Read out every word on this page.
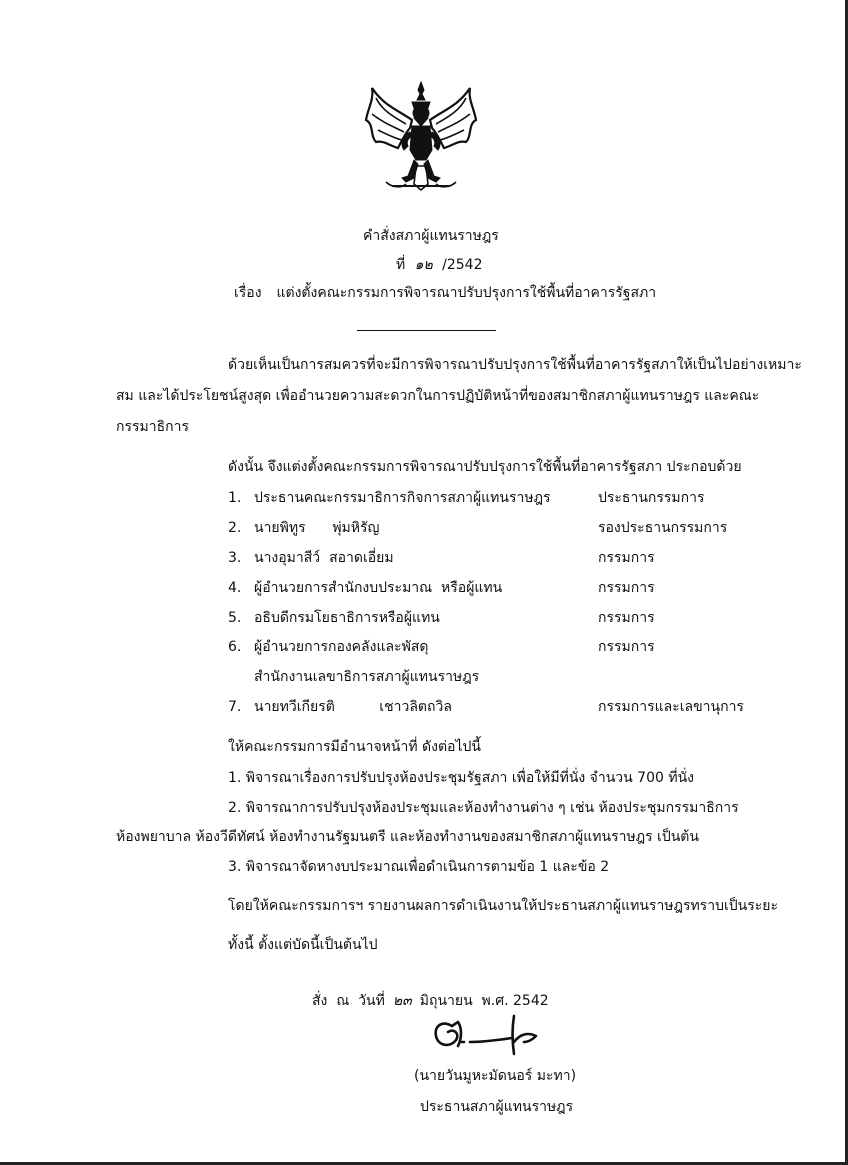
คำสั่งสภาผู้แทนราษฎร
ที่ ๑๒ /2542
เรื่อง แต่งตั้งคณะกรรมการพิจารณาปรับปรุงการใช้พื้นที่อาคารรัฐสภา
ด้วยเห็นเป็นการสมควรที่จะมีการพิจารณาปรับปรุงการใช้พื้นที่อาคารรัฐสภาให้เป็นไปอย่างเหมาะ
สม และได้ประโยชน์สูงสุด เพื่ออำนวยความสะดวกในการปฏิบัติหน้าที่ของสมาชิกสภาผู้แทนราษฎร และคณะ
กรรมาธิการ
ดังนั้น จึงแต่งตั้งคณะกรรมการพิจารณาปรับปรุงการใช้พื้นที่อาคารรัฐสภา ประกอบด้วย
1. ประธานคณะกรรมาธิการกิจการสภาผู้แทนราษฎร	ประธานกรรมการ
2. นายพิทูร      พุ่มหิรัญ	รองประธานกรรมการ
3. นางอุมาสีว์  สอาดเอี่ยม	กรรมการ
4. ผู้อำนวยการสำนักงบประมาณ  หรือผู้แทน	กรรมการ
5. อธิบดีกรมโยธาธิการหรือผู้แทน	กรรมการ
6. ผู้อำนวยการกองคลังและพัสดุ	กรรมการ
สำนักงานเลขาธิการสภาผู้แทนราษฎร
7. นายทวีเกียรติ          เชาวลิตถวิล	กรรมการและเลขานุการ
ให้คณะกรรมการมีอำนาจหน้าที่ ดังต่อไปนี้
1. พิจารณาเรื่องการปรับปรุงห้องประชุมรัฐสภา เพื่อให้มีที่นั่ง จำนวน 700 ที่นั่ง
2. พิจารณาการปรับปรุงห้องประชุมและห้องทำงานต่าง ๆ เช่น ห้องประชุมกรรมาธิการ
ห้องพยาบาล ห้องวีดีทัศน์ ห้องทำงานรัฐมนตรี และห้องทำงานของสมาชิกสภาผู้แทนราษฎร เป็นต้น
3. พิจารณาจัดหางบประมาณเพื่อดำเนินการตามข้อ 1 และข้อ 2
โดยให้คณะกรรมการฯ รายงานผลการดำเนินงานให้ประธานสภาผู้แทนราษฎรทราบเป็นระยะ
ทั้งนี้ ตั้งแต่บัดนี้เป็นต้นไป
สั่ง  ณ  วันที่ ๒๓ มิถุนายน  พ.ศ. 2542
(นายวันมูหะมัดนอร์ มะทา)
ประธานสภาผู้แทนราษฎร
